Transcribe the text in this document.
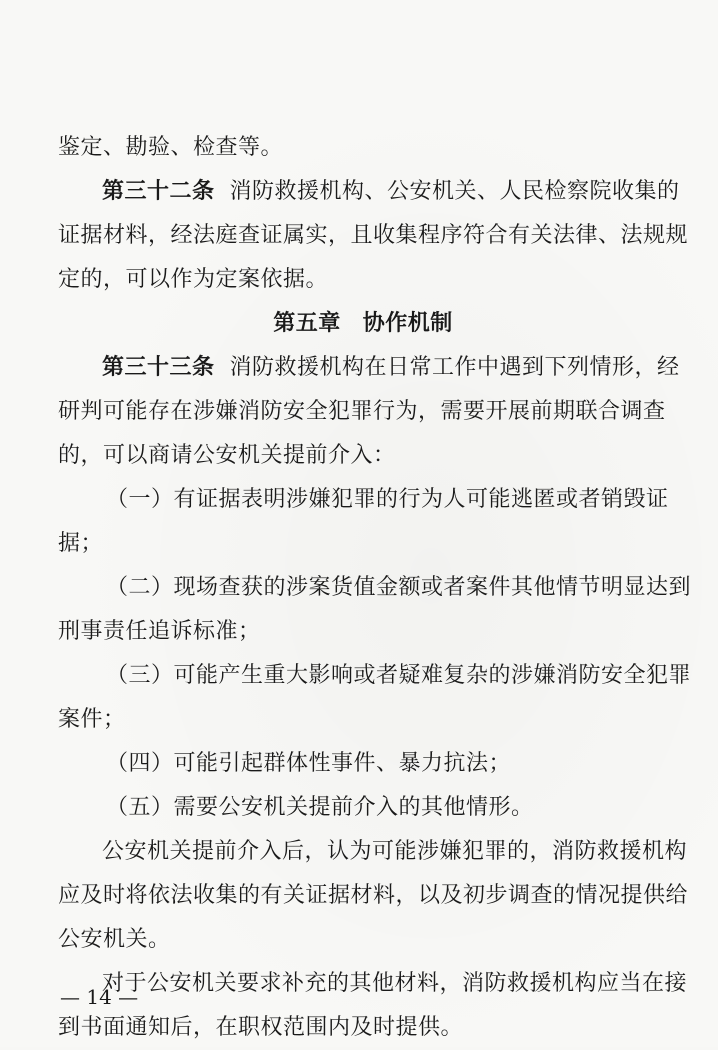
鉴定、勘验、检查等。
第三十二条 消防救援机构、公安机关、人民检察院收集的
证据材料，经法庭查证属实，且收集程序符合有关法律、法规规
定的，可以作为定案依据。
第五章 协作机制
第三十三条 消防救援机构在日常工作中遇到下列情形，经
研判可能存在涉嫌消防安全犯罪行为，需要开展前期联合调查
的，可以商请公安机关提前介入：
（一）有证据表明涉嫌犯罪的行为人可能逃匿或者销毁证
据；
（二）现场查获的涉案货值金额或者案件其他情节明显达到
刑事责任追诉标准；
（三）可能产生重大影响或者疑难复杂的涉嫌消防安全犯罪
案件；
（四）可能引起群体性事件、暴力抗法；
（五）需要公安机关提前介入的其他情形。
公安机关提前介入后，认为可能涉嫌犯罪的，消防救援机构
应及时将依法收集的有关证据材料，以及初步调查的情况提供给
公安机关。
对于公安机关要求补充的其他材料，消防救援机构应当在接
到书面通知后，在职权范围内及时提供。
— 14 —
